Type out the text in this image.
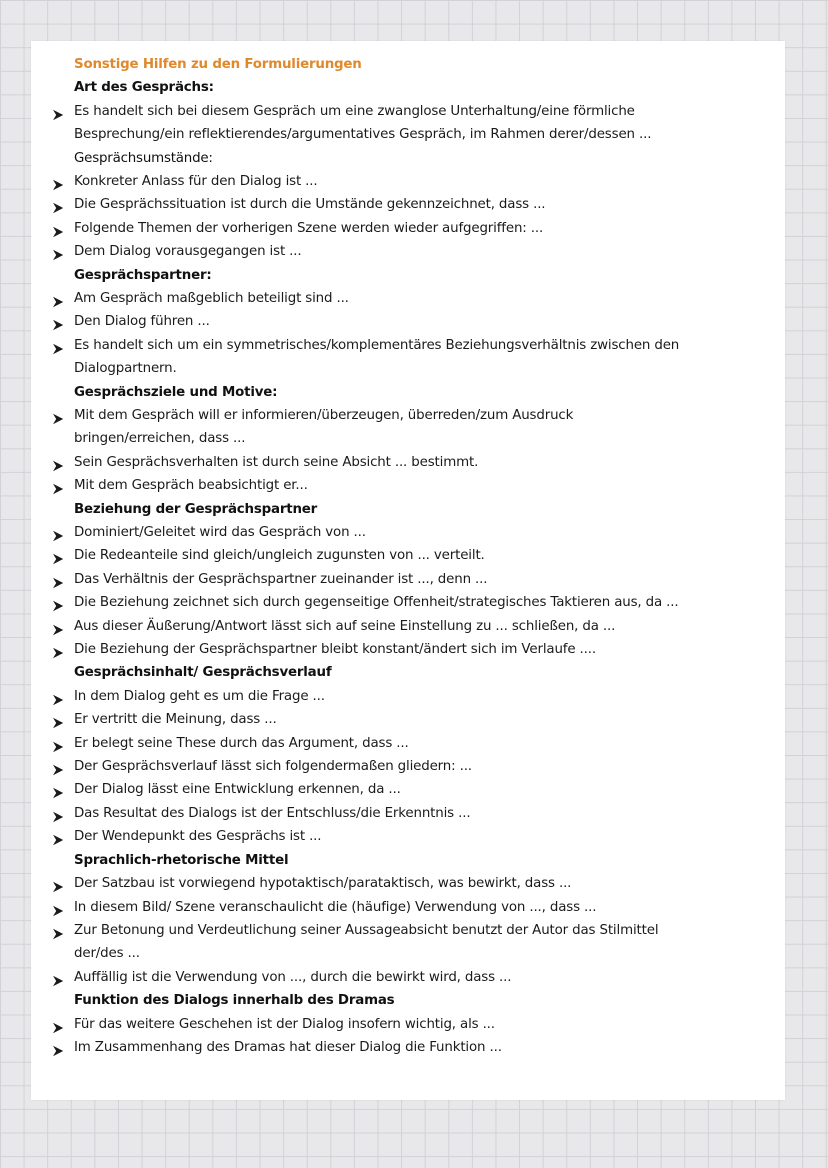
Sonstige Hilfen zu den Formulierungen
Art des Gesprächs:
Es handelt sich bei diesem Gespräch um eine zwanglose Unterhaltung/eine förmliche
Besprechung/ein reflektierendes/argumentatives Gespräch, im Rahmen derer/dessen ...
Gesprächsumstände:
Konkreter Anlass für den Dialog ist ...
Die Gesprächssituation ist durch die Umstände gekennzeichnet, dass ...
Folgende Themen der vorherigen Szene werden wieder aufgegriffen: ...
Dem Dialog vorausgegangen ist ...
Gesprächspartner:
Am Gespräch maßgeblich beteiligt sind ...
Den Dialog führen ...
Es handelt sich um ein symmetrisches/komplementäres Beziehungsverhältnis zwischen den
Dialogpartnern.
Gesprächsziele und Motive:
Mit dem Gespräch will er informieren/überzeugen, überreden/zum Ausdruck
bringen/erreichen, dass ...
Sein Gesprächsverhalten ist durch seine Absicht ... bestimmt.
Mit dem Gespräch beabsichtigt er...
Beziehung der Gesprächspartner
Dominiert/Geleitet wird das Gespräch von ...
Die Redeanteile sind gleich/ungleich zugunsten von ... verteilt.
Das Verhältnis der Gesprächspartner zueinander ist ..., denn ...
Die Beziehung zeichnet sich durch gegenseitige Offenheit/strategisches Taktieren aus, da ...
Aus dieser Äußerung/Antwort lässt sich auf seine Einstellung zu ... schließen, da ...
Die Beziehung der Gesprächspartner bleibt konstant/ändert sich im Verlaufe ....
Gesprächsinhalt/ Gesprächsverlauf
In dem Dialog geht es um die Frage ...
Er vertritt die Meinung, dass ...
Er belegt seine These durch das Argument, dass ...
Der Gesprächsverlauf lässt sich folgendermaßen gliedern: ...
Der Dialog lässt eine Entwicklung erkennen, da ...
Das Resultat des Dialogs ist der Entschluss/die Erkenntnis ...
Der Wendepunkt des Gesprächs ist ...
Sprachlich-rhetorische Mittel
Der Satzbau ist vorwiegend hypotaktisch/parataktisch, was bewirkt, dass ...
In diesem Bild/ Szene veranschaulicht die (häufige) Verwendung von ..., dass ...
Zur Betonung und Verdeutlichung seiner Aussageabsicht benutzt der Autor das Stilmittel
der/des ...
Auffällig ist die Verwendung von ..., durch die bewirkt wird, dass ...
Funktion des Dialogs innerhalb des Dramas
Für das weitere Geschehen ist der Dialog insofern wichtig, als ...
Im Zusammenhang des Dramas hat dieser Dialog die Funktion ...
